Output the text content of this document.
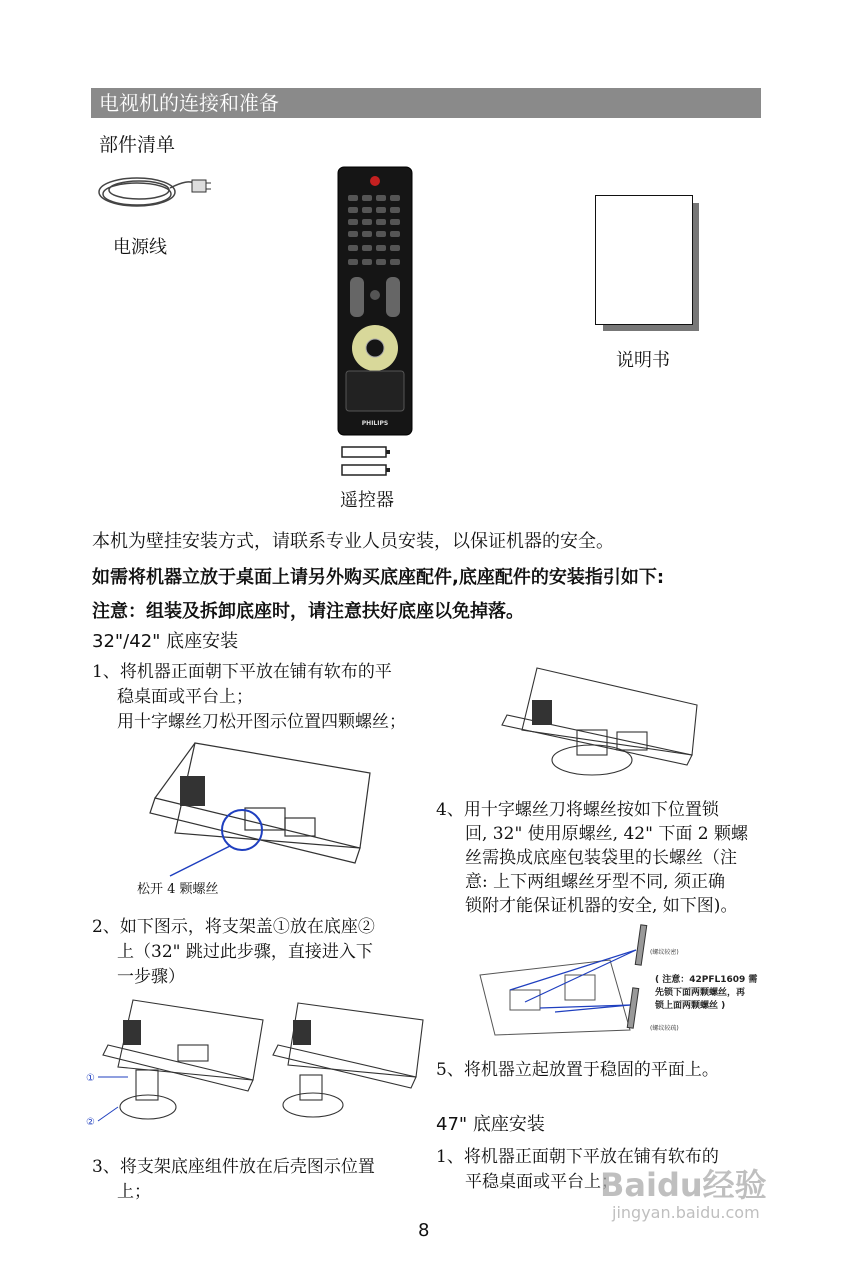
电视机的连接和准备
部件清单
电源线
PHILIPS
遥控器
说明书
本机为壁挂安装方式，请联系专业人员安装，以保证机器的安全。
如需将机器立放于桌面上请另外购买底座配件,底座配件的安装指引如下:
注意：组装及拆卸底座时，请注意扶好底座以免掉落。
32"/42" 底座安装
1、将机器正面朝下平放在铺有软布的平
稳桌面或平台上；
用十字螺丝刀松开图示位置四颗螺丝；
松开 4 颗螺丝
2、如下图示，将支架盖①放在底座②
上（32" 跳过此步骤，直接进入下
一步骤）
①
②
3、将支架底座组件放在后壳图示位置
上；
4、用十字螺丝刀将螺丝按如下位置锁
回, 32" 使用原螺丝, 42" 下面 2 颗螺
丝需换成底座包装袋里的长螺丝（注
意: 上下两组螺丝牙型不同, 须正确
锁附才能保证机器的安全, 如下图)。
(螺纹较密)
(螺纹较疏)
( 注意：42PFL1609 需
先锁下面两颗螺丝，再
锁上面两颗螺丝 )
5、将机器立起放置于稳固的平面上。
47" 底座安装
1、将机器正面朝下平放在铺有软布的
平稳桌面或平台上；
8
Baidu经验
jingyan.baidu.com
